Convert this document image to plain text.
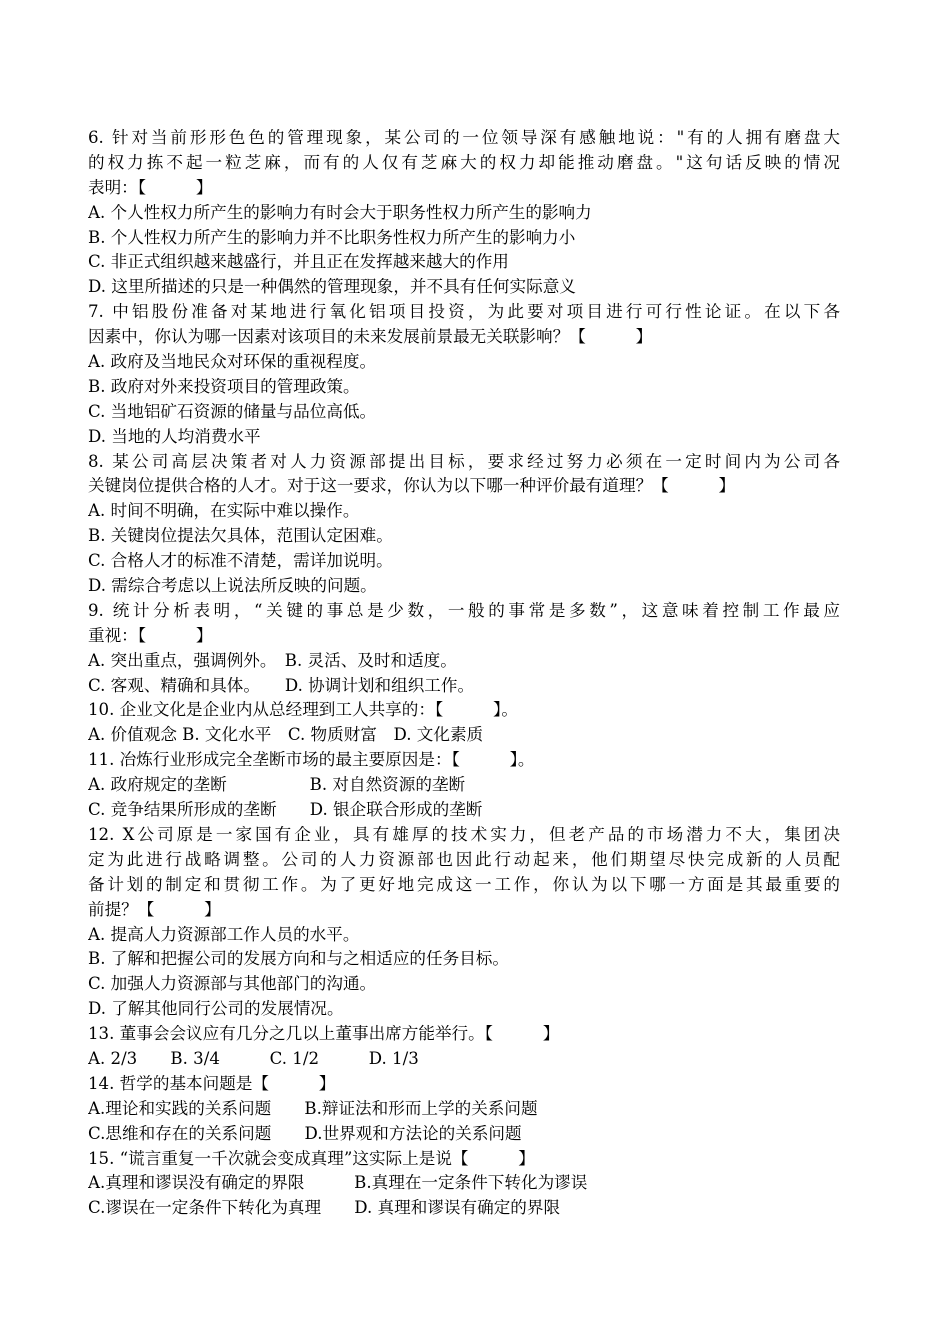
6. 针对当前形形色色的管理现象，某公司的一位领导深有感触地说："有的人拥有磨盘大
的权力拣不起一粒芝麻，而有的人仅有芝麻大的权力却能推动磨盘。"这句话反映的情况
表明：【　　　】
A. 个人性权力所产生的影响力有时会大于职务性权力所产生的影响力
B. 个人性权力所产生的影响力并不比职务性权力所产生的影响力小
C. 非正式组织越来越盛行，并且正在发挥越来越大的作用
D. 这里所描述的只是一种偶然的管理现象，并不具有任何实际意义
7. 中铝股份准备对某地进行氧化铝项目投资，为此要对项目进行可行性论证。在以下各
因素中，你认为哪一因素对该项目的未来发展前景最无关联影响？【　　　】
A. 政府及当地民众对环保的重视程度。
B. 政府对外来投资项目的管理政策。
C. 当地铝矿石资源的储量与品位高低。
D. 当地的人均消费水平
8. 某公司高层决策者对人力资源部提出目标，要求经过努力必须在一定时间内为公司各
关键岗位提供合格的人才。对于这一要求，你认为以下哪一种评价最有道理？【　　　】
A. 时间不明确，在实际中难以操作。
B. 关键岗位提法欠具体，范围认定困难。
C. 合格人才的标准不清楚，需详加说明。
D. 需综合考虑以上说法所反映的问题。
9. 统计分析表明，“关键的事总是少数，一般的事常是多数”，这意味着控制工作最应
重视：【　　　】
A. 突出重点，强调例外。　B. 灵活、及时和适度。
C. 客观、精确和具体。　　D. 协调计划和组织工作。
10. 企业文化是企业内从总经理到工人共享的：【　　　】。
A. 价值观念 B. 文化水平　C. 物质财富　D. 文化素质
11. 冶炼行业形成完全垄断市场的最主要原因是：【　　　】。
A. 政府规定的垄断　　　　　B. 对自然资源的垄断
C. 竞争结果所形成的垄断　　D. 银企联合形成的垄断
12. X公司原是一家国有企业，具有雄厚的技术实力，但老产品的市场潜力不大，集团决
定为此进行战略调整。公司的人力资源部也因此行动起来，他们期望尽快完成新的人员配
备计划的制定和贯彻工作。为了更好地完成这一工作，你认为以下哪一方面是其最重要的
前提？【　　　】
A. 提高人力资源部工作人员的水平。
B. 了解和把握公司的发展方向和与之相适应的任务目标。
C. 加强人力资源部与其他部门的沟通。
D. 了解其他同行公司的发展情况。
13. 董事会会议应有几分之几以上董事出席方能举行。【　　　】
A. 2/3　　B. 3/4　　　C. 1/2　　　D. 1/3
14. 哲学的基本问题是【　　　】
A.理论和实践的关系问题　　B.辩证法和形而上学的关系问题
C.思维和存在的关系问题　　D.世界观和方法论的关系问题
15. “谎言重复一千次就会变成真理”这实际上是说【　　　】
A.真理和谬误没有确定的界限　　　B.真理在一定条件下转化为谬误
C.谬误在一定条件下转化为真理　　D. 真理和谬误有确定的界限
